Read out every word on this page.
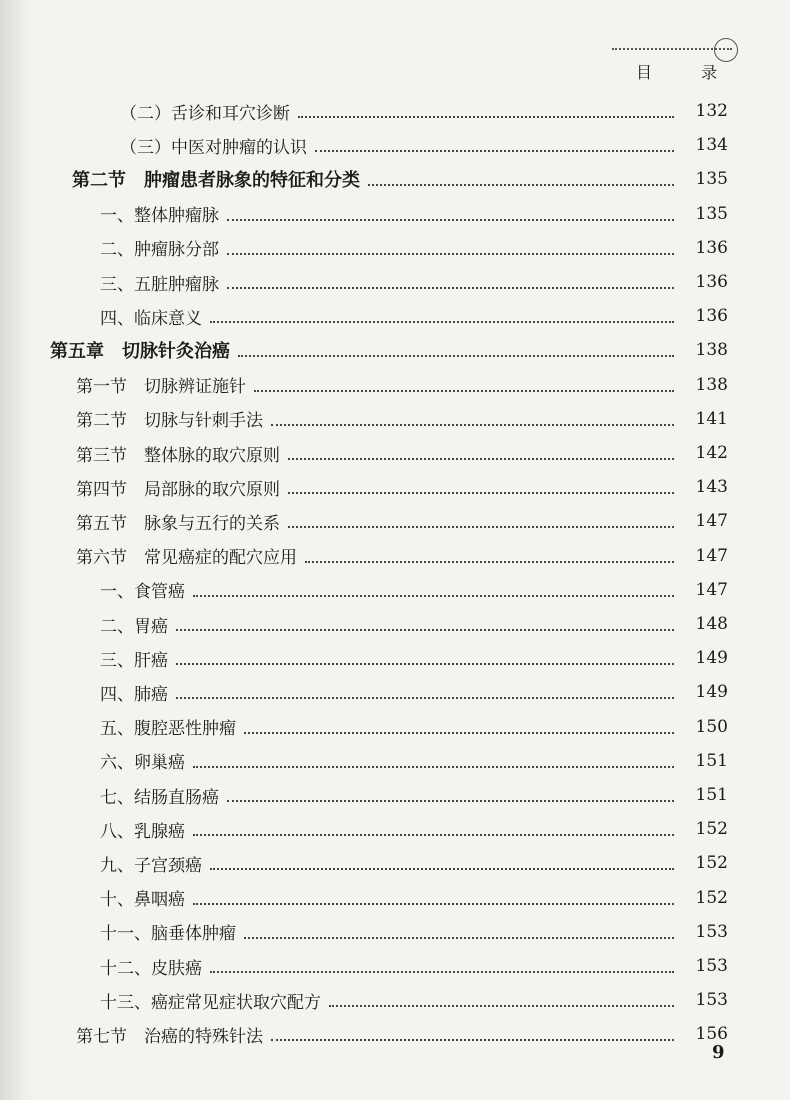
目 录
（二）舌诊和耳穴诊断	132
（三）中医对肿瘤的认识	134
第二节　肿瘤患者脉象的特征和分类	135
一、整体肿瘤脉	135
二、肿瘤脉分部	136
三、五脏肿瘤脉	136
四、临床意义	136
第五章　切脉针灸治癌	138
第一节　切脉辨证施针	138
第二节　切脉与针刺手法	141
第三节　整体脉的取穴原则	142
第四节　局部脉的取穴原则	143
第五节　脉象与五行的关系	147
第六节　常见癌症的配穴应用	147
一、食管癌	147
二、胃癌	148
三、肝癌	149
四、肺癌	149
五、腹腔恶性肿瘤	150
六、卵巢癌	151
七、结肠直肠癌	151
八、乳腺癌	152
九、子宫颈癌	152
十、鼻咽癌	152
十一、脑垂体肿瘤	153
十二、皮肤癌	153
十三、癌症常见症状取穴配方	153
第七节　治癌的特殊针法	156
9
